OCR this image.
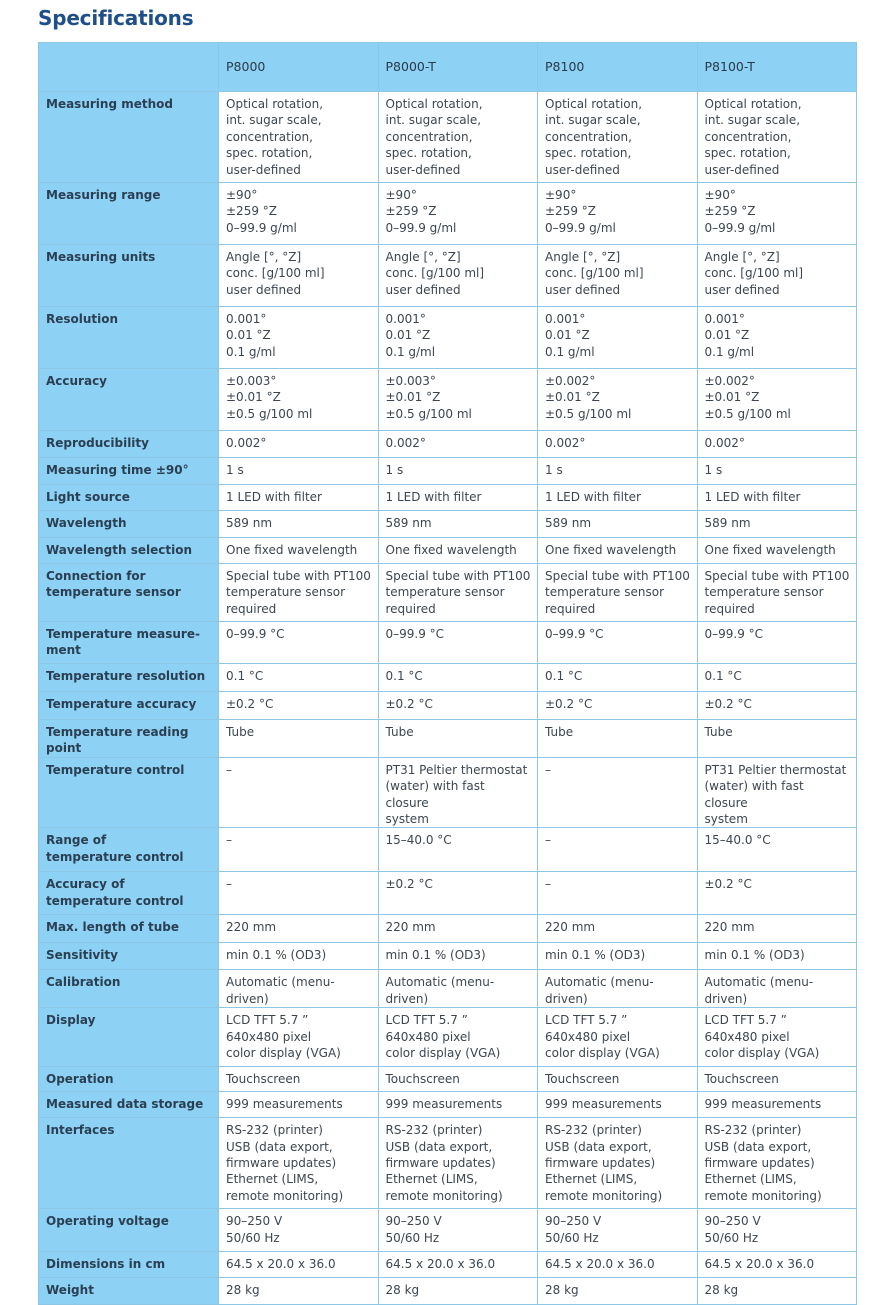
Specifications
	P8000	P8000-T	P8100	P8100-T
Measuring method	Optical rotation,
int. sugar scale,
concentration,
spec. rotation,
user-defined	Optical rotation,
int. sugar scale,
concentration,
spec. rotation,
user-defined	Optical rotation,
int. sugar scale,
concentration,
spec. rotation,
user-defined	Optical rotation,
int. sugar scale,
concentration,
spec. rotation,
user-defined
Measuring range	±90°
±259 °Z
0–99.9 g/ml	±90°
±259 °Z
0–99.9 g/ml	±90°
±259 °Z
0–99.9 g/ml	±90°
±259 °Z
0–99.9 g/ml
Measuring units	Angle [°, °Z]
conc. [g/100 ml]
user defined	Angle [°, °Z]
conc. [g/100 ml]
user defined	Angle [°, °Z]
conc. [g/100 ml]
user defined	Angle [°, °Z]
conc. [g/100 ml]
user defined
Resolution	0.001°
0.01 °Z
0.1 g/ml	0.001°
0.01 °Z
0.1 g/ml	0.001°
0.01 °Z
0.1 g/ml	0.001°
0.01 °Z
0.1 g/ml
Accuracy	±0.003°
±0.01 °Z
±0.5 g/100 ml	±0.003°
±0.01 °Z
±0.5 g/100 ml	±0.002°
±0.01 °Z
±0.5 g/100 ml	±0.002°
±0.01 °Z
±0.5 g/100 ml
Reproducibility	0.002°	0.002°	0.002°	0.002°
Measuring time ±90°	1 s	1 s	1 s	1 s
Light source	1 LED with filter	1 LED with filter	1 LED with filter	1 LED with filter
Wavelength	589 nm	589 nm	589 nm	589 nm
Wavelength selection	One fixed wavelength	One fixed wavelength	One fixed wavelength	One fixed wavelength
Connection for
temperature sensor	Special tube with PT100
temperature sensor
required	Special tube with PT100
temperature sensor
required	Special tube with PT100
temperature sensor
required	Special tube with PT100
temperature sensor
required
Temperature measure-
ment	0–99.9 °C	0–99.9 °C	0–99.9 °C	0–99.9 °C
Temperature resolution	0.1 °C	0.1 °C	0.1 °C	0.1 °C
Temperature accuracy	±0.2 °C	±0.2 °C	±0.2 °C	±0.2 °C
Temperature reading point	Tube	Tube	Tube	Tube
Temperature control	–	PT31 Peltier thermostat
(water) with fast closure
system	–	PT31 Peltier thermostat
(water) with fast closure
system
Range of
temperature control	–	15–40.0 °C	–	15–40.0 °C
Accuracy of
temperature control	–	±0.2 °C	–	±0.2 °C
Max. length of tube	220 mm	220 mm	220 mm	220 mm
Sensitivity	min 0.1 % (OD3)	min 0.1 % (OD3)	min 0.1 % (OD3)	min 0.1 % (OD3)
Calibration	Automatic (menu-driven)	Automatic (menu-driven)	Automatic (menu-driven)	Automatic (menu-driven)
Display	LCD TFT 5.7 ”
640x480 pixel
color display (VGA)	LCD TFT 5.7 ”
640x480 pixel
color display (VGA)	LCD TFT 5.7 ”
640x480 pixel
color display (VGA)	LCD TFT 5.7 ”
640x480 pixel
color display (VGA)
Operation	Touchscreen	Touchscreen	Touchscreen	Touchscreen
Measured data storage	999 measurements	999 measurements	999 measurements	999 measurements
Interfaces	RS-232 (printer)
USB (data export,
firmware updates)
Ethernet (LIMS,
remote monitoring)	RS-232 (printer)
USB (data export,
firmware updates)
Ethernet (LIMS,
remote monitoring)	RS-232 (printer)
USB (data export,
firmware updates)
Ethernet (LIMS,
remote monitoring)	RS-232 (printer)
USB (data export,
firmware updates)
Ethernet (LIMS,
remote monitoring)
Operating voltage	90–250 V
50/60 Hz	90–250 V
50/60 Hz	90–250 V
50/60 Hz	90–250 V
50/60 Hz
Dimensions in cm	64.5 x 20.0 x 36.0	64.5 x 20.0 x 36.0	64.5 x 20.0 x 36.0	64.5 x 20.0 x 36.0
Weight	28 kg	28 kg	28 kg	28 kg
